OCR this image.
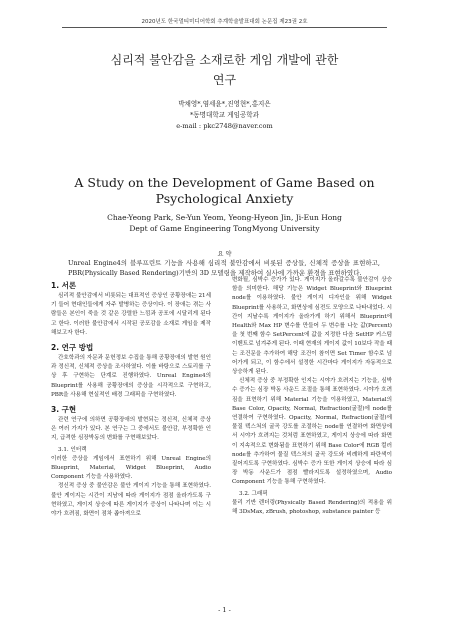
2020년도 한국멀티미디어학회 추계학술발표대회 논문집 제23권 2호
심리적 불안감을 소재로한 게임 개발에 관한
연구
박채영*,염세윤*,진영현*,홍지은
*동명대학교 게임공학과
e-mail : pkc2748@naver.com
A Study on the Development of Game Based on
Psychological Anxiety
Chae-Yeong Park, Se-Yun Yeom, Yeong-Hyeon Jin, Ji-Eun Hong
Dept of Game Engineering TongMyong University
요 약
Unreal Engine4의 블루프린트 기능을 사용해 심리적 불안감에서 비롯된 증상들, 신체적 증상을 표현하고, PBR(Physically Based Rendering)기반의 3D 모델링을 제작하여 실사에 가까운 환경을 표현하였다.
1. 서론

심리적 불안감에서 비롯되는 대표적인 증상인 공황장애는 21세기 들어 현대인들에게 자주 발병하는 증상이다. 이 장애는 겪는 사람들은 본인이 죽을 것 같은 강렬한 느낌과 공포에 시달리게 된다고 한다. 이러한 불안감에서 시작된 공포감을 소재로 게임을 제작해보고자 한다.

2. 연구 방법

간호학과의 자문과 문헌정보 수집을 통해 공황장애의 발현 원인과 정신적, 신체적 증상을 조사하였다. 이를 바탕으로 스토리를 구상 후 구현하는 단계로 진행하였다. Unreal Engine4의 Blueprint를 사용해 공황장애의 증상을 시각적으로 구현하고, PBR을 사용해 현실적인 배경 그래픽을 구현하였다.

3. 구현

관련 연구에 의하면 공황장애의 발현되는 정신적, 신체적 증상은 여러 가지가 있다. 본 연구는 그 중에서도 불안감, 부정확한 인지, 급격한 심장박동의 변화를 구현해보았다.

3.1. 인터랙

이러한 증상을 게임에서 표현하기 위해 Unreal Engine의 Blueprint, Material, Widget Blueprint, Audio Component 기능을 사용하였다.

정신적 증상 중 불안감은 불안 게이지 기능을 통해 표현하였다. 불안 게이지는 시간이 지남에 따라 게이지가 점점 올라가도록 구현하였고, 게이지 상승에 따른 게이지가 증상이 나타나며 이는 시야가 흐려짐, 화면이 점차 좁아져으로

변화될, 심박수 증가가 있다. 게이지가 올라갈수록 불안감이 상승함을 의미한다. 해당 기능은 Widget Blueprint와 Blueprint node를 이용하였다. 불안 게이지 디자인을 위해 Widget Blueprint를 사용하고, 화면상에 심전도 모양으로 나타내었다. 시간이 지날수록 게이지가 올라가게 하기 위해서 Blueprint에 Health와 Max HP 변수를 만들어 두 변수를 나눈 값(Percent)을 첫 번째 함수 SetPercent에 값을 지정한 다음 SetHP 커스텀 이벤트로 넘겨주게 된다. 이때 현재의 게이지 값이 10보다 작을 때는 조건문을 추가하여 해당 조건이 참이면 Set Timer 함수로 넘어가게 되고, 이 함수에서 설정한 시간마다 게이지가 자동적으로 상승하게 된다.

신체적 증상 중 부정확한 인지는 시야가 흐려지는 기능을, 심박수 증가는 심장 박동 사운드 조절을 통해 표현하였다. 시야가 흐려짐을 표현하기 위해 Material 기능을 이용하였고, Material의 Base Color, Opacity, Normal, Refraction(굴절)에 node를 연결하여 구현하였다. Opacity, Normal, Refraction(굴절)에 물질 텍스쳐의 굴곡 강도를 조절하는 node를 연결하여 화면상에서 시야가 흐려지는 것처럼 표현하였고, 게이지 상승에 따라 화면이 지속적으로 변화됨을 표현하기 위해 Base Color에 RGB 컬러 node를 추가하여 물질 텍스처의 굴곡 강도와 비례하게 파란색이 짙어지도록 구현하였다. 심박수 증가 또한 게이지 상승에 따라 심장 박동 사운드가 점점 빨라지도록 설정하였으며, Audio Component 기능을 통해 구현하였다.

3.2. 그래픽

물리 기반 렌더링(Physically Based Rendering)의 적용을 위해 3DsMax, zBrush, photoshop, substance painter 등

- 1 -
